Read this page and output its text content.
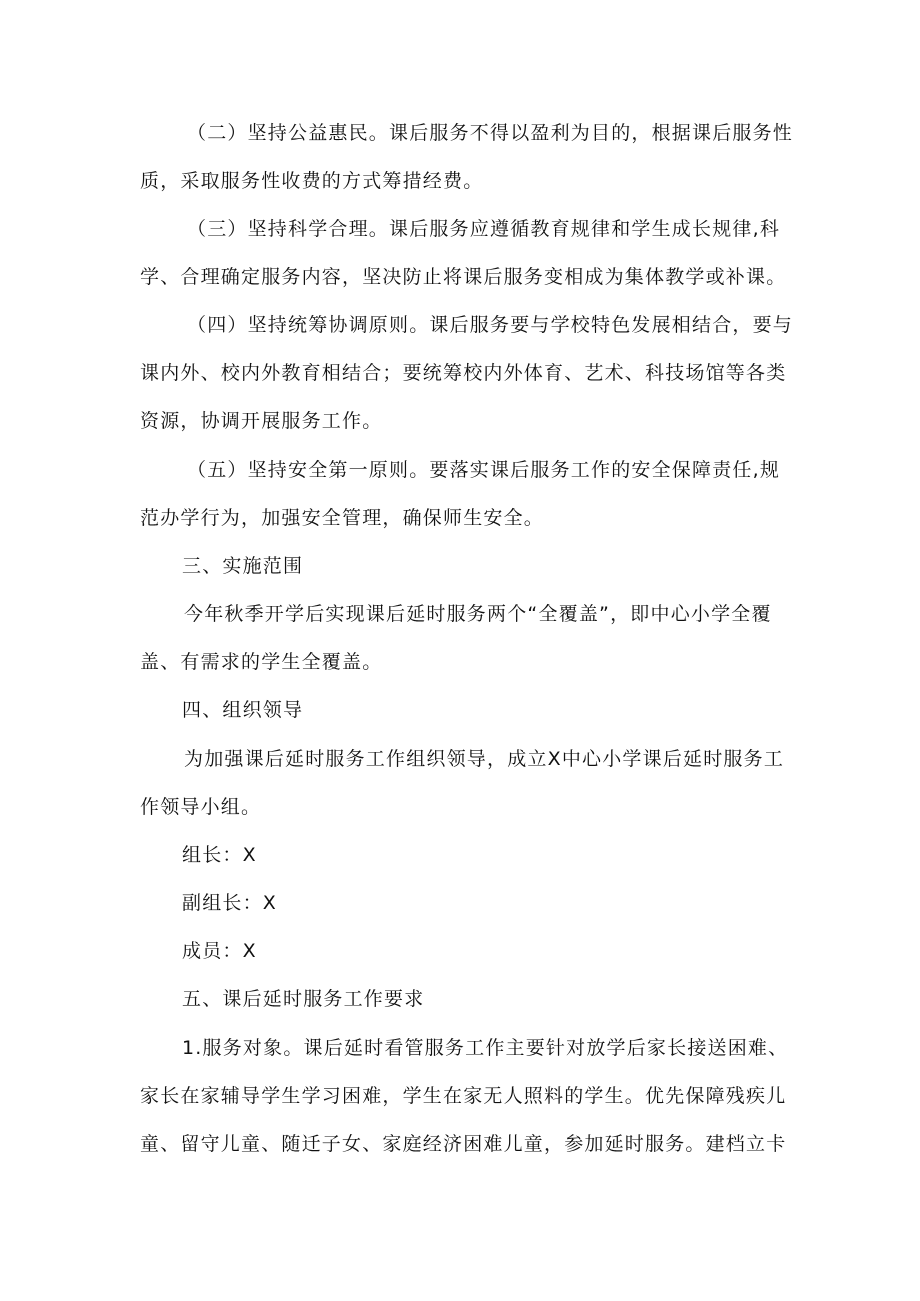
（二）坚持公益惠民。课后服务不得以盈利为目的，根据课后服务性
质，采取服务性收费的方式筹措经费。
（三）坚持科学合理。课后服务应遵循教育规律和学生成长规律,科
学、合理确定服务内容，坚决防止将课后服务变相成为集体教学或补课。
（四）坚持统筹协调原则。课后服务要与学校特色发展相结合，要与
课内外、校内外教育相结合；要统筹校内外体育、艺术、科技场馆等各类
资源，协调开展服务工作。
（五）坚持安全第一原则。要落实课后服务工作的安全保障责任,规
范办学行为，加强安全管理，确保师生安全。
三、实施范围
今年秋季开学后实现课后延时服务两个“全覆盖”，即中心小学全覆
盖、有需求的学生全覆盖。
四、组织领导
为加强课后延时服务工作组织领导，成立X中心小学课后延时服务工
作领导小组。
组长：X
副组长：X
成员：X
五、课后延时服务工作要求
1.服务对象。课后延时看管服务工作主要针对放学后家长接送困难、
家长在家辅导学生学习困难，学生在家无人照料的学生。优先保障残疾儿
童、留守儿童、随迁子女、家庭经济困难儿童，参加延时服务。建档立卡
